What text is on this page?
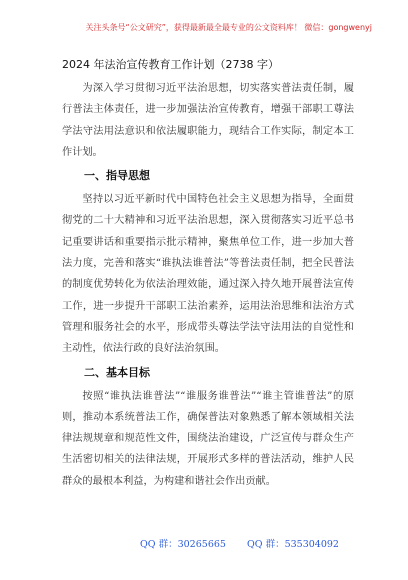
关注头条号“公文研究”，获得最新最全最专业的公文资料库！ 微信：gongwenyj
2024 年法治宣传教育工作计划（2738 字）

为深入学习贯彻习近平法治思想，切实落实普法责任制，履行普法主体责任，进一步加强法治宣传教育，增强干部职工尊法学法守法用法意识和依法履职能力，现结合工作实际，制定本工作计划。

一、指导思想

坚持以习近平新时代中国特色社会主义思想为指导，全面贯彻党的二十大精神和习近平法治思想，深入贯彻落实习近平总书记重要讲话和重要指示批示精神，聚焦单位工作，进一步加大普法力度，完善和落实“谁执法谁普法”等普法责任制，把全民普法的制度优势转化为依法治理效能，通过深入持久地开展普法宣传工作，进一步提升干部职工法治素养，运用法治思维和法治方式管理和服务社会的水平，形成带头尊法学法守法用法的自觉性和主动性，依法行政的良好法治氛围。

二、基本目标

按照“谁执法谁普法”“谁服务谁普法”“谁主管谁普法”的原则，推动本系统普法工作，确保普法对象熟悉了解本领域相关法律法规规章和规范性文件，围绕法治建设，广泛宣传与群众生产生活密切相关的法律法规，开展形式多样的普法活动，维护人民群众的最根本利益，为构建和谐社会作出贡献。

QQ 群：30265665 QQ 群：535304092
